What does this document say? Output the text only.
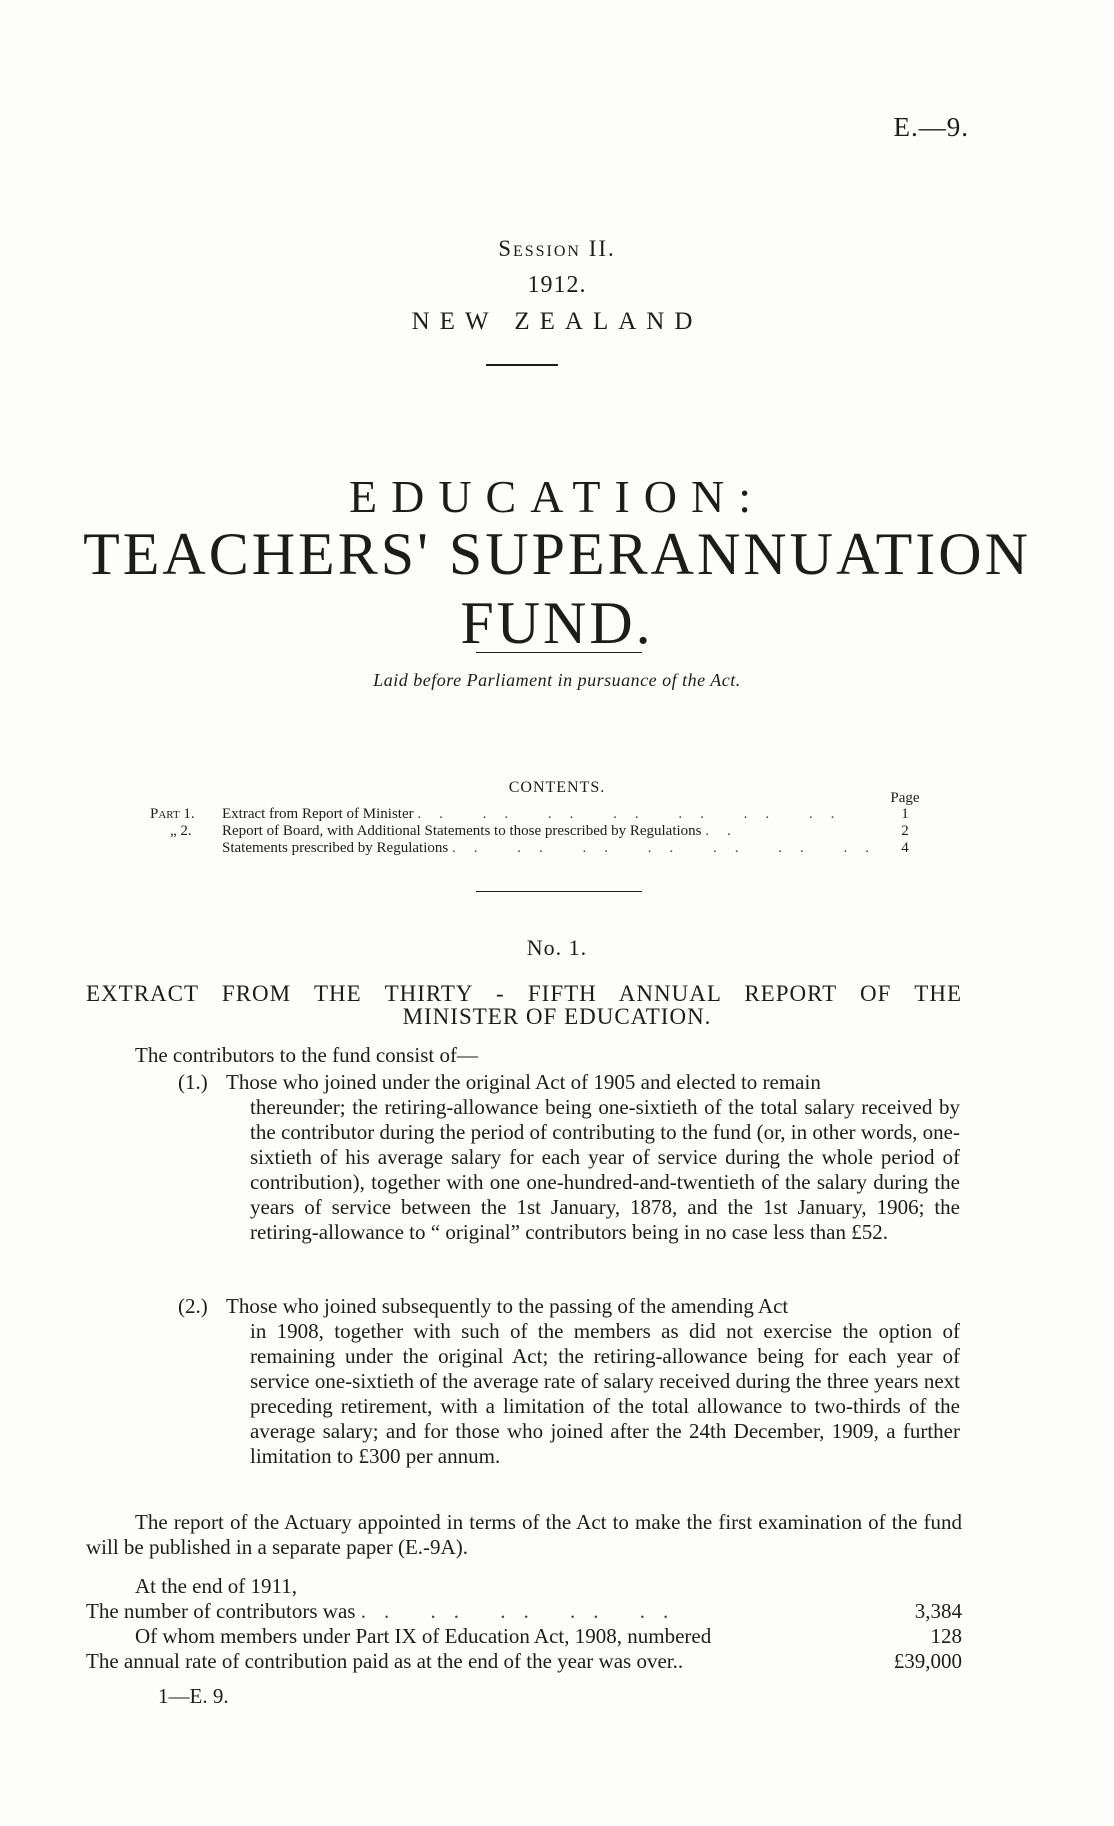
E.—9.
Session II.
1912.
NEW ZEALAND
EDUCATION:
TEACHERS' SUPERANNUATION FUND.
Laid before Parliament in pursuance of the Act.
CONTENTS.
Page
Part 1. Extract from Report of Minister .. .. .. .. .. .. ..	1
„ 2. Report of Board, with Additional Statements to those prescribed by Regulations ..	2
Statements prescribed by Regulations .. .. .. .. .. .. .. 4
No. 1.
EXTRACT FROM THE THIRTY - FIFTH ANNUAL REPORT OF THE
MINISTER OF EDUCATION.
The contributors to the fund consist of—
(1.) Those who joined under the original Act of 1905 and elected to remain
thereunder; the retiring-allowance being one-sixtieth of the total salary received by the contributor during the period of contributing to the fund (or, in other words, one-sixtieth of his average salary for each year of service during the whole period of contribution), together with one one-hundred-and-twentieth of the salary during the years of service between the 1st January, 1878, and the 1st January, 1906; the retiring-allowance to “ original” contributors being in no case less than £52.
(2.) Those who joined subsequently to the passing of the amending Act
in 1908, together with such of the members as did not exercise the option of remaining under the original Act; the retiring-allowance being for each year of service one-sixtieth of the average rate of salary received during the three years next preceding retirement, with a limitation of the total allowance to two-thirds of the average salary; and for those who joined after the 24th December, 1909, a further limitation to £300 per annum.
The report of the Actuary appointed in terms of the Act to make the first examination of the fund will be published in a separate paper (E.-9A).
At the end of 1911,
The number of contributors was .. .. .. .. ..	3,384
Of whom members under Part IX of Education Act, 1908, numbered	128
The annual rate of contribution paid as at the end of the year was over..	£39,000
1—E. 9.
